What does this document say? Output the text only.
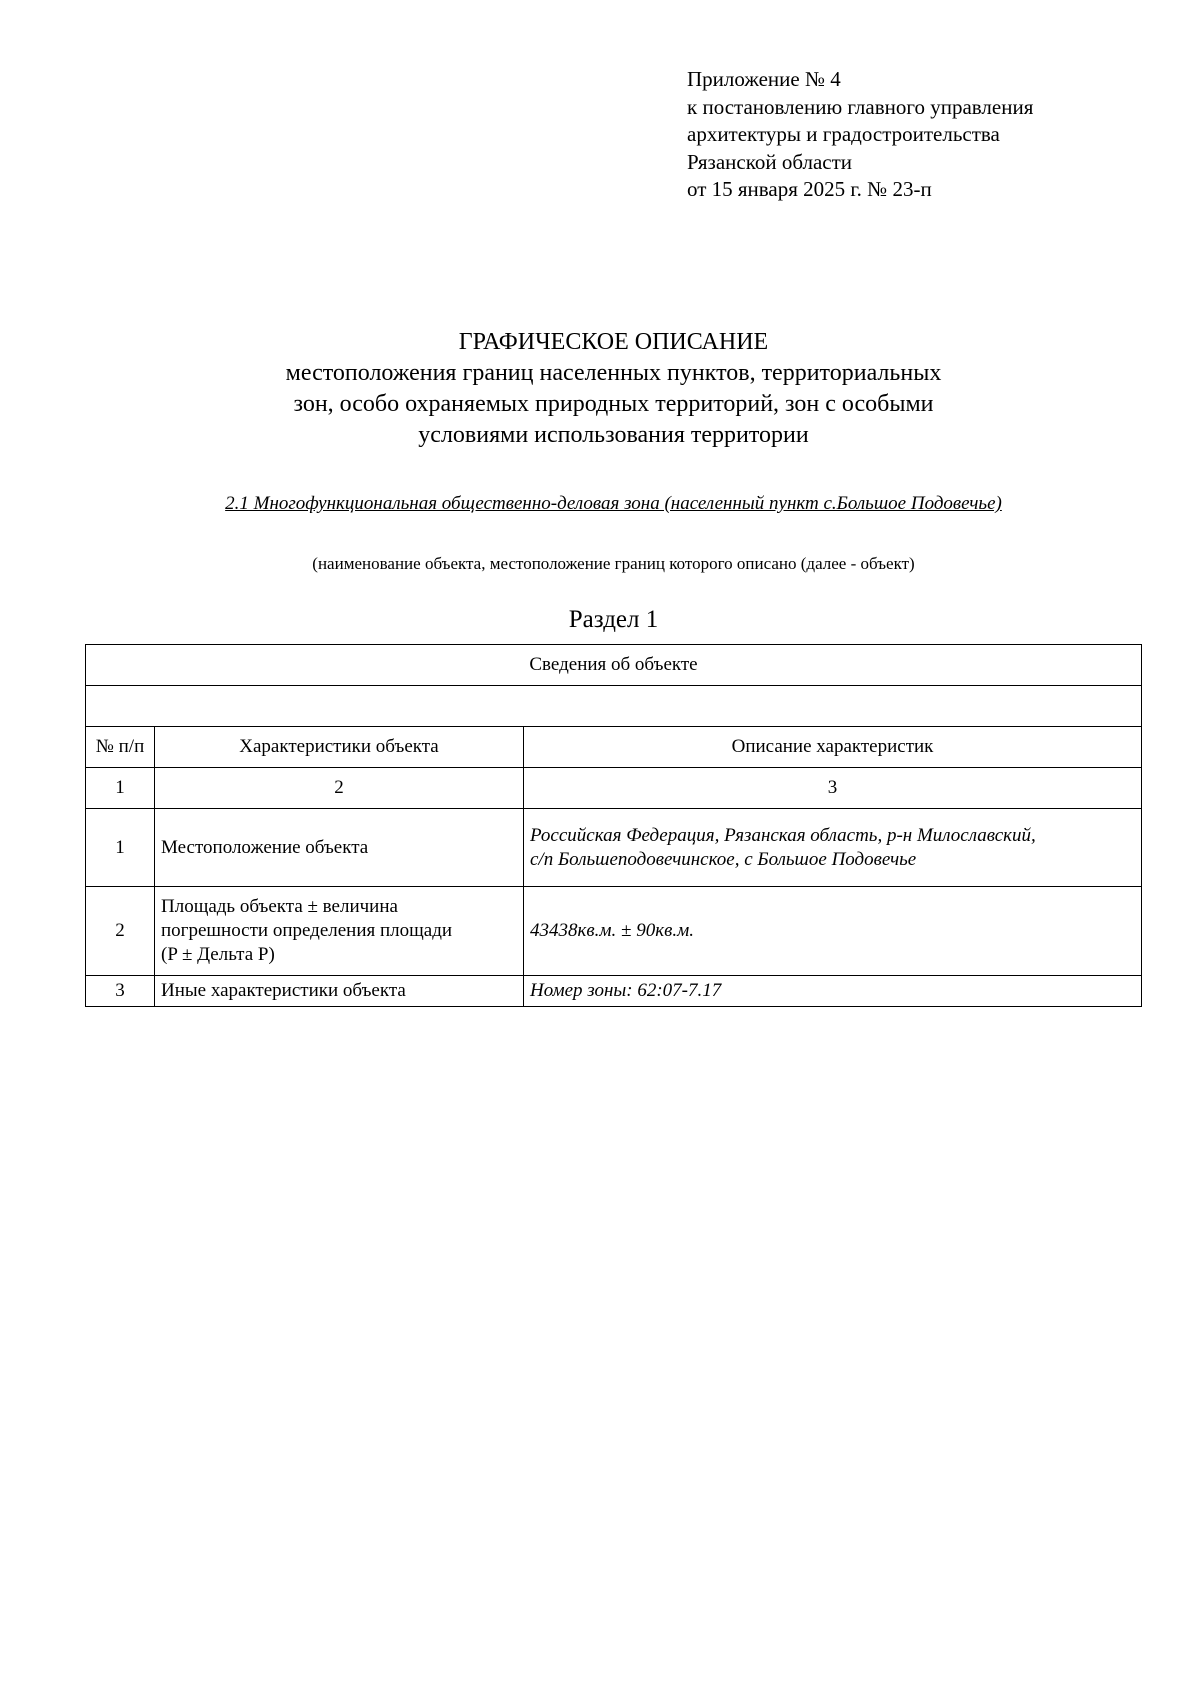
Приложение № 4
к постановлению главного управления
архитектуры и градостроительства
Рязанской области
от 15 января 2025 г. № 23-п
ГРАФИЧЕСКОЕ ОПИСАНИЕ
местоположения границ населенных пунктов, территориальных
зон, особо охраняемых природных территорий, зон с особыми
условиями использования территории
2.1 Многофункциональная общественно-деловая зона (населенный пункт с.Большое Подовечье)
(наименование объекта, местоположение границ которого описано (далее - объект)
Раздел 1
Сведения об объекте		

№ п/п	Характеристики объекта	Описание характеристик
1	2	3
1	Местоположение объекта	Российская Федерация, Рязанская область, р-н Милославский,
с/п Большеподовечинское, с Большое Подовечье

2	Площадь объекта ± величина
погрешности определения площади
(P ± Дельта P)	43438кв.м. ± 90кв.м.
3	Иные характеристики объекта	Номер зоны: 62:07-7.17
